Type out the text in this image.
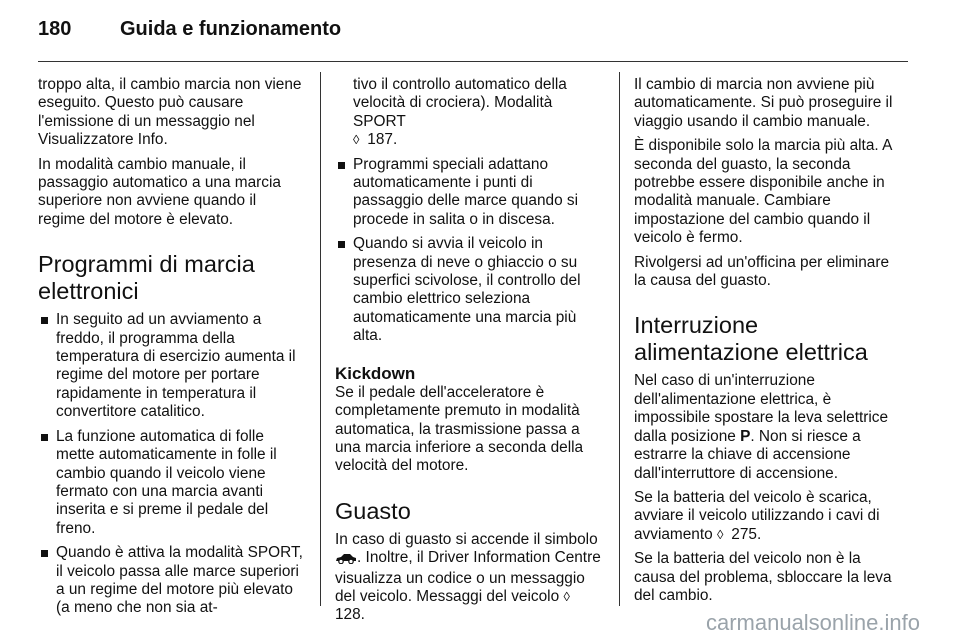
180	Guida e funzionamento

troppo alta, il cambio marcia non viene eseguito. Questo può causare l'emissione di un messaggio nel Visualizzatore Info.

In modalità cambio manuale, il passaggio automatico a una marcia superiore non avviene quando il regime del motore è elevato.

Programmi di marcia elettronici
In seguito ad un avviamento a freddo, il programma della temperatura di esercizio aumenta il regime del motore per portare rapidamente in temperatura il convertitore catalitico.
La funzione automatica di folle mette automaticamente in folle il cambio quando il veicolo viene fermato con una marcia avanti inserita e si preme il pedale del freno.
Quando è attiva la modalità SPORT, il veicolo passa alle marce superiori a un regime del motore più elevato (a meno che non sia at-
tivo il controllo automatico della velocità di crociera). Modalità SPORT
◊ 187.
Programmi speciali adattano automaticamente i punti di passaggio delle marce quando si procede in salita o in discesa.
Quando si avvia il veicolo in presenza di neve o ghiaccio o su superfici scivolose, il controllo del cambio elettrico seleziona automaticamente una marcia più alta.
Kickdown

Se il pedale dell'acceleratore è completamente premuto in modalità automatica, la trasmissione passa a una marcia inferiore a seconda della velocità del motore.

Guasto

In caso di guasto si accende il simbolo . Inoltre, il Driver Information Centre visualizza un codice o un messaggio del veicolo. Messaggi del veicolo ◊ 128.

Il cambio di marcia non avviene più automaticamente. Si può proseguire il viaggio usando il cambio manuale.

È disponibile solo la marcia più alta. A seconda del guasto, la seconda potrebbe essere disponibile anche in modalità manuale. Cambiare impostazione del cambio quando il veicolo è fermo.

Rivolgersi ad un'officina per eliminare la causa del guasto.

Interruzione alimentazione elettrica

Nel caso di un'interruzione dell'alimentazione elettrica, è impossibile spostare la leva selettrice dalla posizione P. Non si riesce a estrarre la chiave di accensione dall'interruttore di accensione.

Se la batteria del veicolo è scarica, avviare il veicolo utilizzando i cavi di avviamento ◊ 275.

Se la batteria del veicolo non è la causa del problema, sbloccare la leva del cambio.

carmanualsonline.info
